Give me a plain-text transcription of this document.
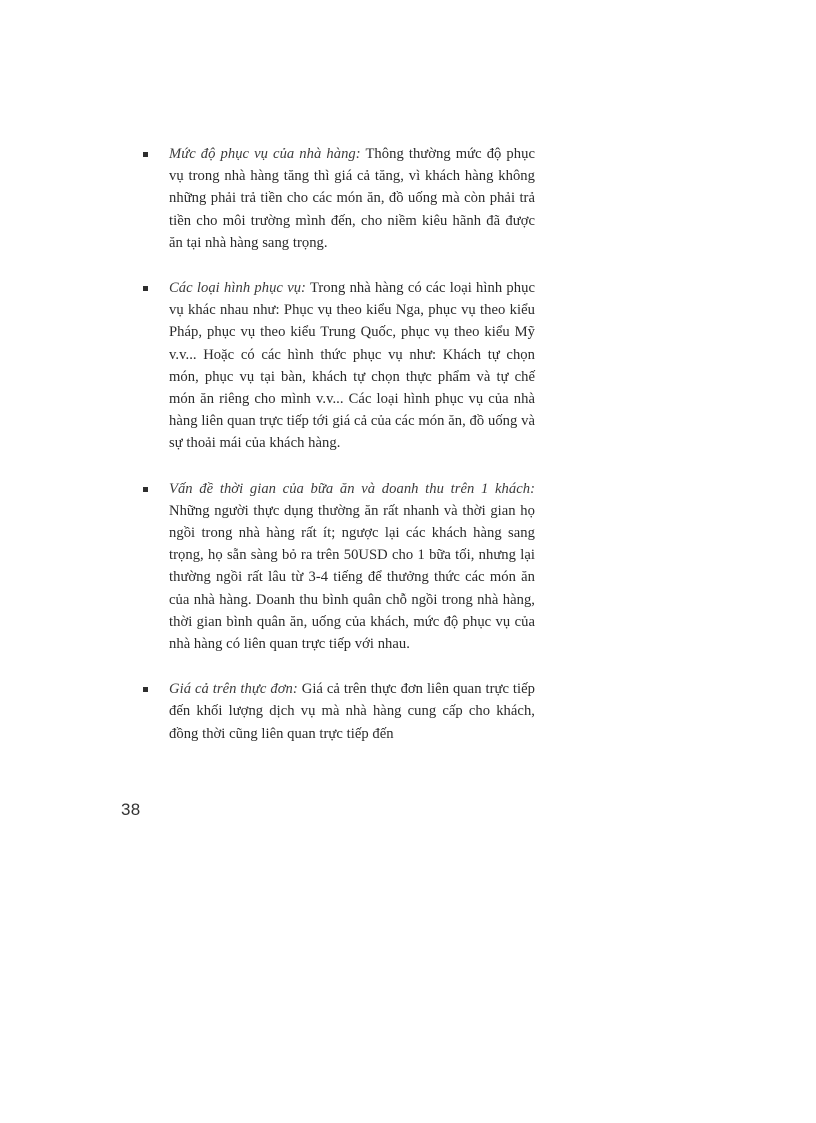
Mức độ phục vụ của nhà hàng: Thông thường mức độ phục vụ trong nhà hàng tăng thì giá cả tăng, vì khách hàng không những phải trả tiền cho các món ăn, đồ uống mà còn phải trả tiền cho môi trường mình đến, cho niềm kiêu hãnh đã được ăn tại nhà hàng sang trọng.

Các loại hình phục vụ: Trong nhà hàng có các loại hình phục vụ khác nhau như: Phục vụ theo kiểu Nga, phục vụ theo kiểu Pháp, phục vụ theo kiểu Trung Quốc, phục vụ theo kiểu Mỹ v.v... Hoặc có các hình thức phục vụ như: Khách tự chọn món, phục vụ tại bàn, khách tự chọn thực phẩm và tự chế món ăn riêng cho mình v.v... Các loại hình phục vụ của nhà hàng liên quan trực tiếp tới giá cả của các món ăn, đồ uống và sự thoải mái của khách hàng.

Vấn đề thời gian của bữa ăn và doanh thu trên 1 khách: Những người thực dụng thường ăn rất nhanh và thời gian họ ngồi trong nhà hàng rất ít; ngược lại các khách hàng sang trọng, họ sẵn sàng bỏ ra trên 50USD cho 1 bữa tối, nhưng lại thường ngồi rất lâu từ 3-4 tiếng để thưởng thức các món ăn của nhà hàng. Doanh thu bình quân chỗ ngồi trong nhà hàng, thời gian bình quân ăn, uống của khách, mức độ phục vụ của nhà hàng có liên quan trực tiếp với nhau.

Giá cả trên thực đơn: Giá cả trên thực đơn liên quan trực tiếp đến khối lượng dịch vụ mà nhà hàng cung cấp cho khách, đồng thời cũng liên quan trực tiếp đến

38
